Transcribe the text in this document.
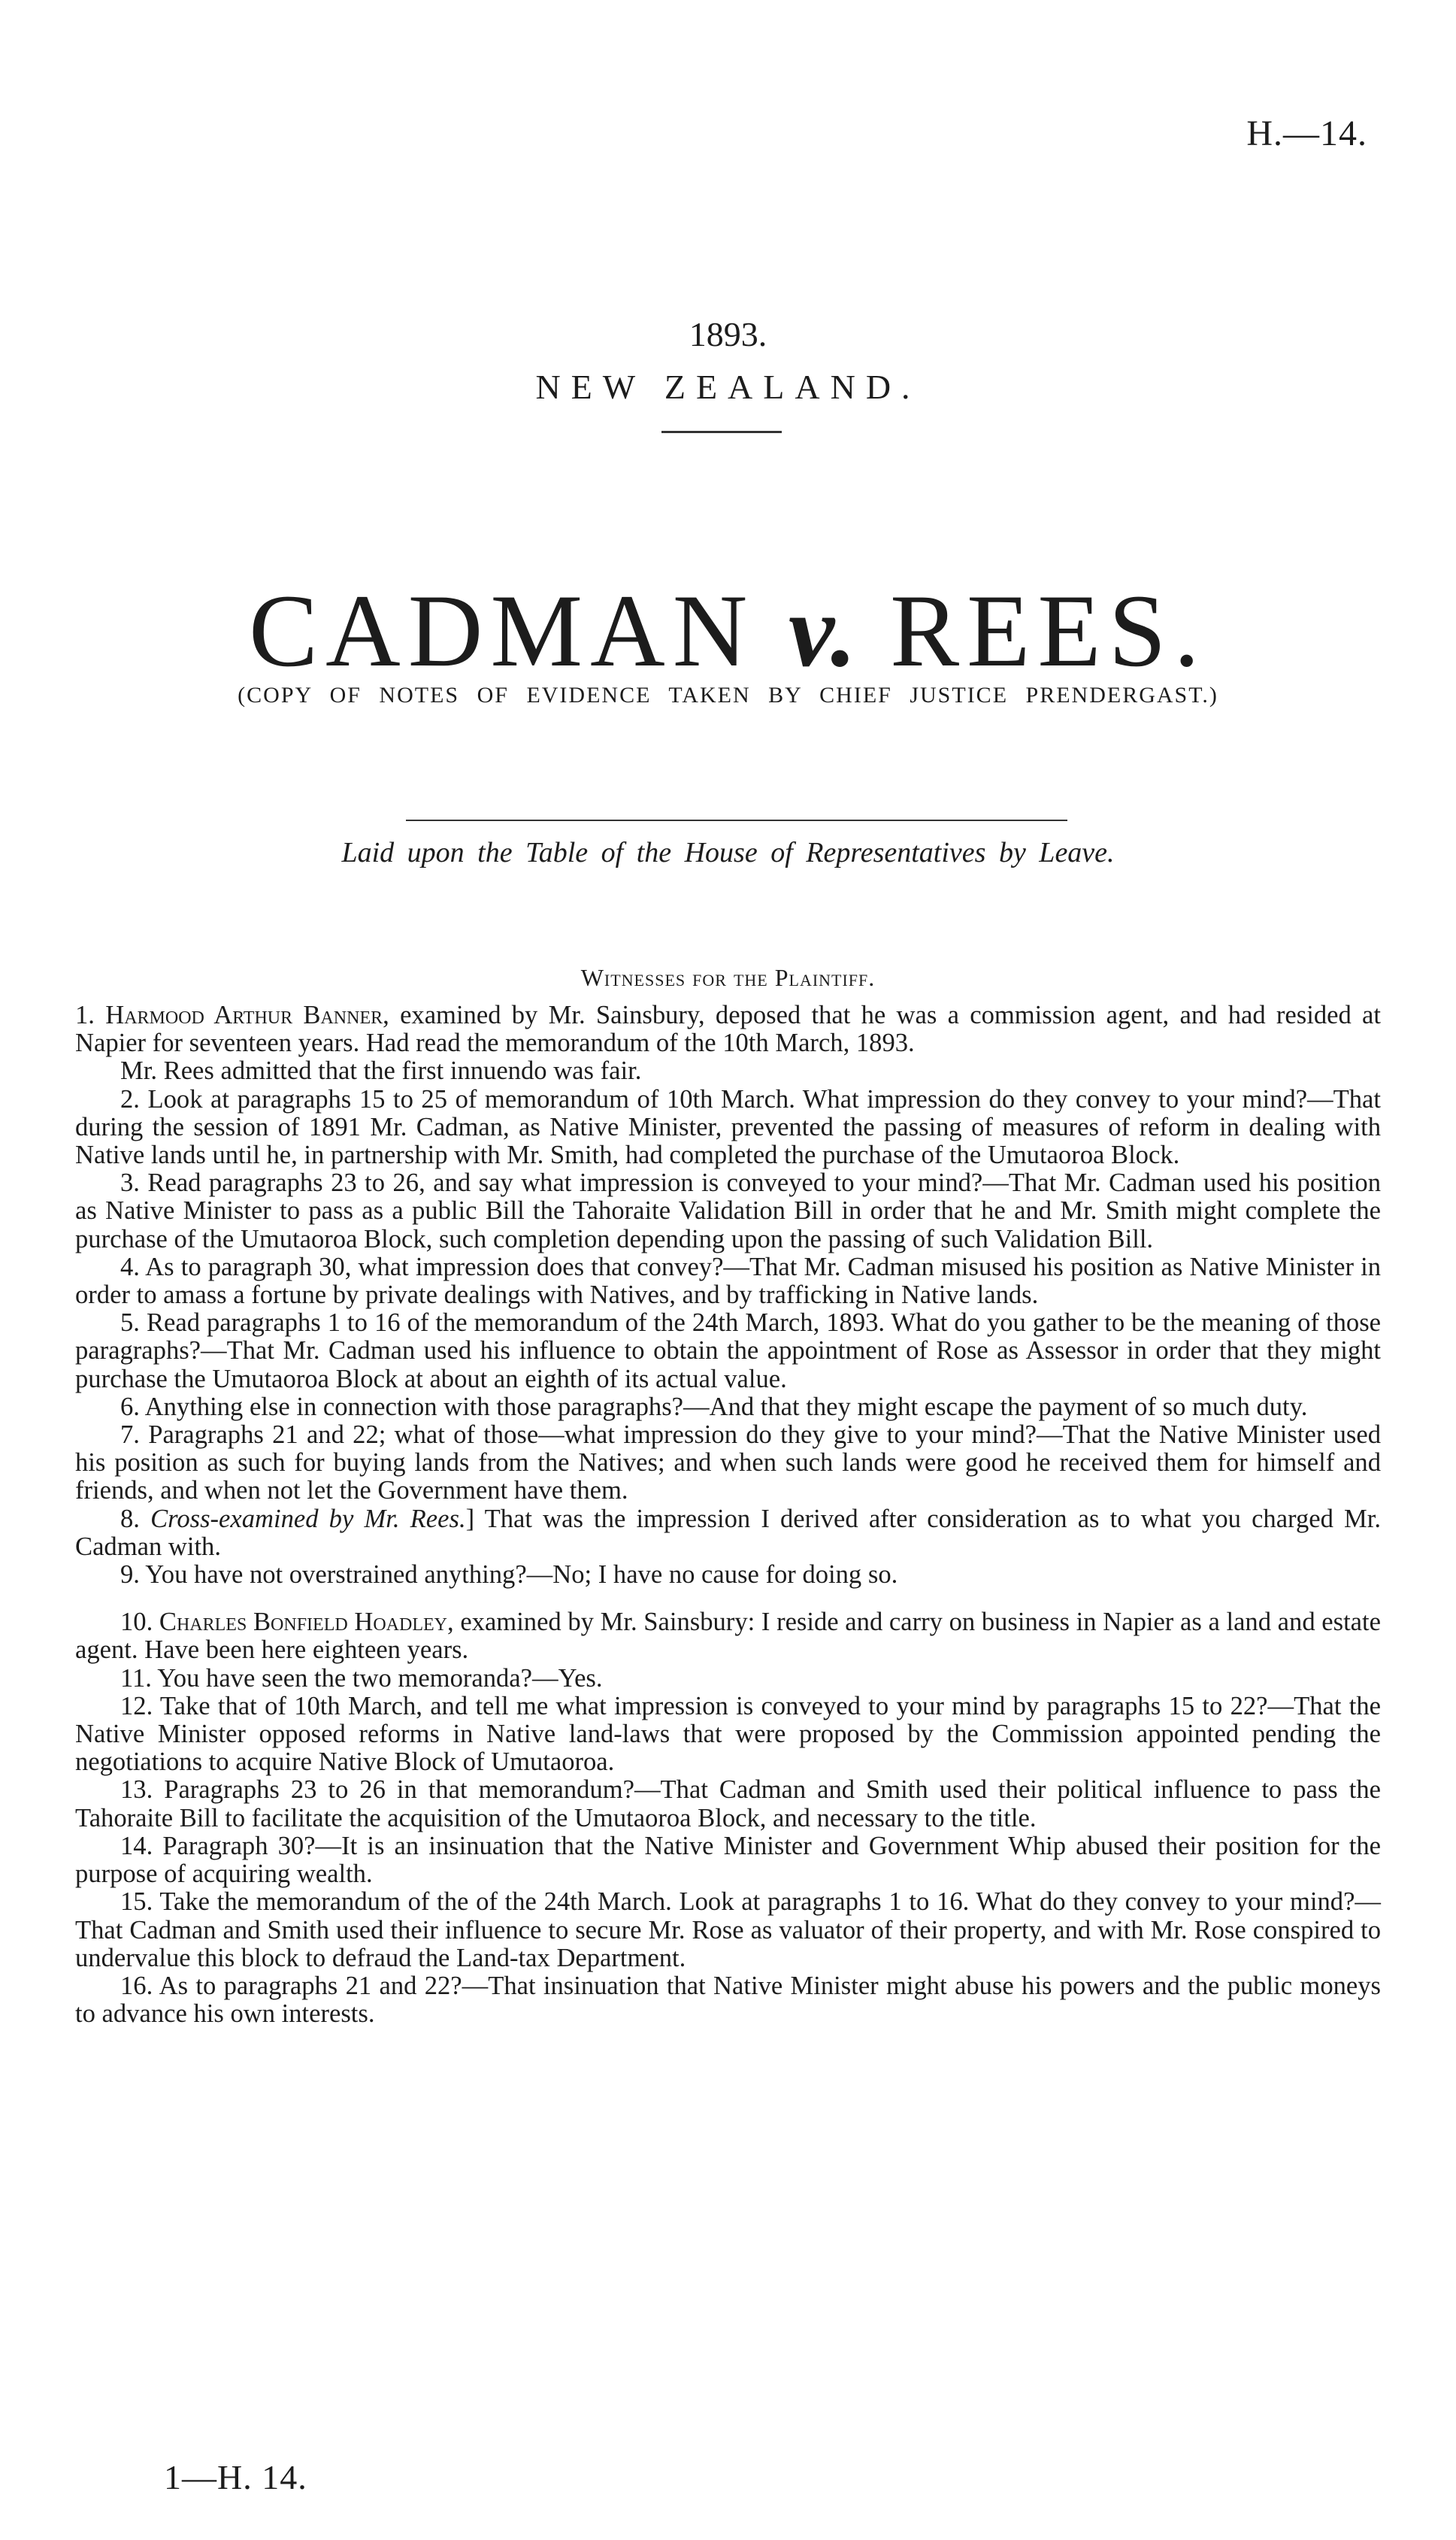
H.—14.
1893.
NEW ZEALAND.
CADMAN v. REES.
(COPY OF NOTES OF EVIDENCE TAKEN BY CHIEF JUSTICE PRENDERGAST.)
Laid upon the Table of the House of Representatives by Leave.
Witnesses for the Plaintiff.

1. Harmood Arthur Banner, examined by Mr. Sainsbury, deposed that he was a commission agent, and had resided at Napier for seventeen years. Had read the memorandum of the 10th March, 1893.

Mr. Rees admitted that the first innuendo was fair.

2. Look at paragraphs 15 to 25 of memorandum of 10th March. What impression do they convey to your mind?—That during the session of 1891 Mr. Cadman, as Native Minister, prevented the passing of measures of reform in dealing with Native lands until he, in partnership with Mr. Smith, had completed the purchase of the Umutaoroa Block.

3. Read paragraphs 23 to 26, and say what impression is conveyed to your mind?—That Mr. Cadman used his position as Native Minister to pass as a public Bill the Tahoraite Validation Bill in order that he and Mr. Smith might complete the purchase of the Umutaoroa Block, such completion depending upon the passing of such Validation Bill.

4. As to paragraph 30, what impression does that convey?—That Mr. Cadman misused his position as Native Minister in order to amass a fortune by private dealings with Natives, and by trafficking in Native lands.

5. Read paragraphs 1 to 16 of the memorandum of the 24th March, 1893. What do you gather to be the meaning of those paragraphs?—That Mr. Cadman used his influence to obtain the appointment of Rose as Assessor in order that they might purchase the Umutaoroa Block at about an eighth of its actual value.

6. Anything else in connection with those paragraphs?—And that they might escape the payment of so much duty.

7. Paragraphs 21 and 22; what of those—what impression do they give to your mind?—That the Native Minister used his position as such for buying lands from the Natives; and when such lands were good he received them for himself and friends, and when not let the Government have them.

8. Cross-examined by Mr. Rees.] That was the impression I derived after consideration as to what you charged Mr. Cadman with.

9. You have not overstrained anything?—No; I have no cause for doing so.

10. Charles Bonfield Hoadley, examined by Mr. Sainsbury: I reside and carry on business in Napier as a land and estate agent. Have been here eighteen years.

11. You have seen the two memoranda?—Yes.

12. Take that of 10th March, and tell me what impression is conveyed to your mind by paragraphs 15 to 22?—That the Native Minister opposed reforms in Native land-laws that were proposed by the Commission appointed pending the negotiations to acquire Native Block of Umutaoroa.

13. Paragraphs 23 to 26 in that memorandum?—That Cadman and Smith used their political influence to pass the Tahoraite Bill to facilitate the acquisition of the Umutaoroa Block, and necessary to the title.

14. Paragraph 30?—It is an insinuation that the Native Minister and Government Whip abused their position for the purpose of acquiring wealth.

15. Take the memorandum of the of the 24th March. Look at paragraphs 1 to 16. What do they convey to your mind?—That Cadman and Smith used their influence to secure Mr. Rose as valuator of their property, and with Mr. Rose conspired to undervalue this block to defraud the Land-tax Department.

16. As to paragraphs 21 and 22?—That insinuation that Native Minister might abuse his powers and the public moneys to advance his own interests.

1—H. 14.
